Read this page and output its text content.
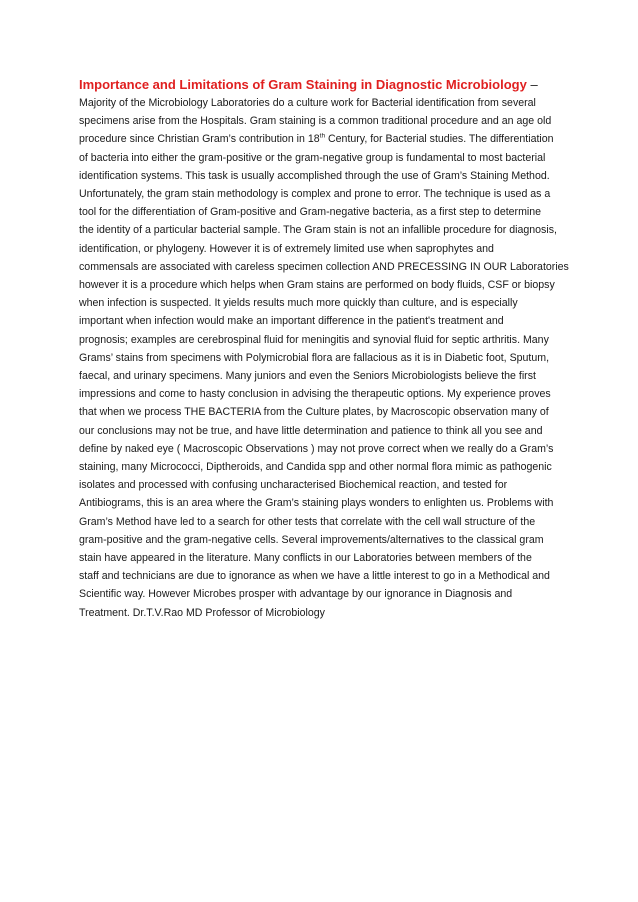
Importance and Limitations of Gram Staining in Diagnostic Microbiology –
Majority of the Microbiology Laboratories do a culture work for Bacterial identification from several
specimens arise from the Hospitals. Gram staining is a common traditional procedure and an age old
procedure since Christian Gram’s contribution in 18th Century, for Bacterial studies. The differentiation
of bacteria into either the gram-positive or the gram-negative group is fundamental to most bacterial
identification systems. This task is usually accomplished through the use of Gram’s Staining Method.
Unfortunately, the gram stain methodology is complex and prone to error. The technique is used as a
tool for the differentiation of Gram-positive and Gram-negative bacteria, as a first step to determine
the identity of a particular bacterial sample. The Gram stain is not an infallible procedure for diagnosis,
identification, or phylogeny. However it is of extremely limited use when saprophytes and
commensals are associated with careless specimen collection AND PRECESSING IN OUR Laboratories
however it is a procedure which helps when Gram stains are performed on body fluids, CSF or biopsy
when infection is suspected. It yields results much more quickly than culture, and is especially
important when infection would make an important difference in the patient's treatment and
prognosis; examples are cerebrospinal fluid for meningitis and synovial fluid for septic arthritis. Many
Grams’ stains from specimens with Polymicrobial flora are fallacious as it is in Diabetic foot, Sputum,
faecal, and urinary specimens. Many juniors and even the Seniors Microbiologists believe the first
impressions and come to hasty conclusion in advising the therapeutic options. My experience proves
that when we process THE BACTERIA from the Culture plates, by Macroscopic observation many of
our conclusions may not be true, and have little determination and patience to think all you see and
define by naked eye ( Macroscopic Observations ) may not prove correct when we really do a Gram’s
staining, many Micrococci, Diptheroids, and Candida spp and other normal flora mimic as pathogenic
isolates and processed with confusing uncharacterised Biochemical reaction, and tested for
Antibiograms, this is an area where the Gram’s staining plays wonders to enlighten us. Problems with
Gram’s Method have led to a search for other tests that correlate with the cell wall structure of the
gram-positive and the gram-negative cells. Several improvements/alternatives to the classical gram
stain have appeared in the literature. Many conflicts in our Laboratories between members of the
staff and technicians are due to ignorance as when we have a little interest to go in a Methodical and
Scientific way. However Microbes prosper with advantage by our ignorance in Diagnosis and
Treatment. Dr.T.V.Rao MD Professor of Microbiology
